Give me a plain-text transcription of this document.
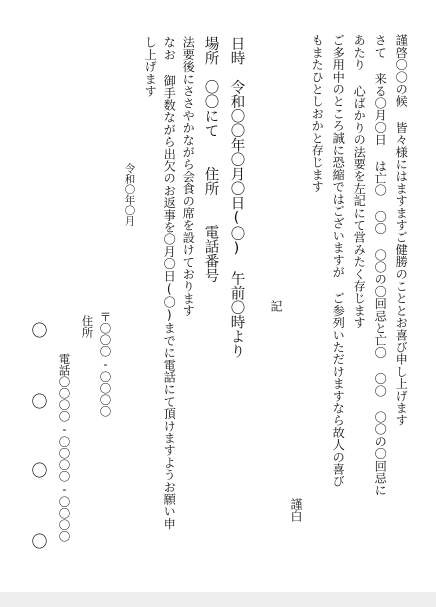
謹啓〇〇の候 皆々様にはますますご健勝のこととお喜び申し上げます
さて 来る〇月〇日 は亡〇 〇〇 〇〇の〇回忌と亡〇 〇〇 〇〇の〇回忌に
あたり 心ばかりの法要を左記にて営みたく存じます
ご多用中のところ誠に恐縮ではございますが ご参列いただけますなら故人の喜び
もまたひとしおかと存じます
記
謹白
日時　令和〇〇年〇月〇日(〇)　午前〇時より
場所　〇〇にて　　住所　　電話番号
法要後にささやかながら会食の席を設けております
なお 御手数ながら出欠のお返事を〇月〇日(〇)までに電話にて頂けますようお願い申
し上げます
令和〇年〇月
〒〇〇〇-〇〇〇〇
住所
電話〇〇〇〇-〇〇〇〇-〇〇〇〇
〇
〇
〇
〇
